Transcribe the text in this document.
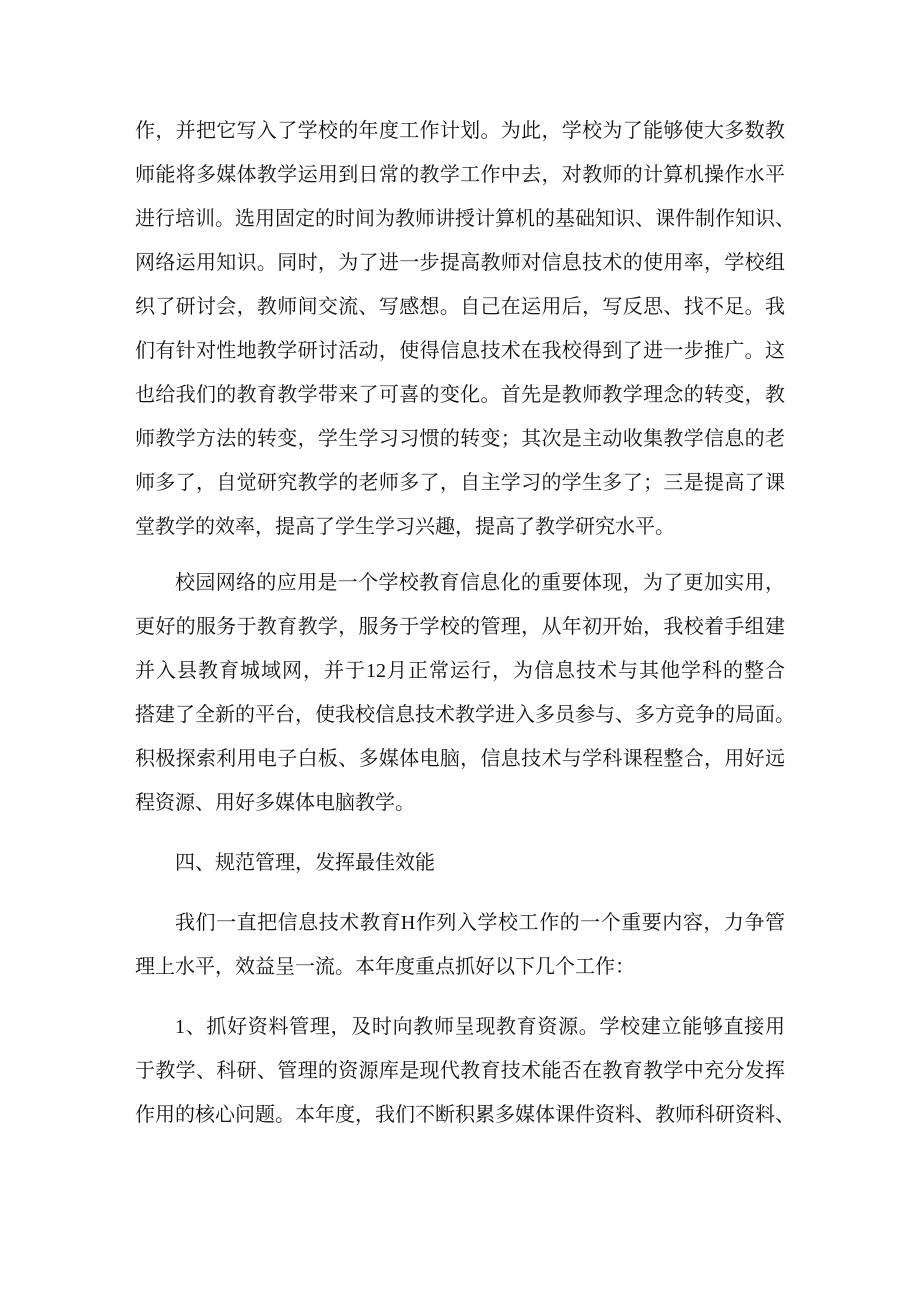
作，并把它写入了学校的年度工作计划。为此，学校为了能够使大多数教
师能将多媒体教学运用到日常的教学工作中去，对教师的计算机操作水平
进行培训。选用固定的时间为教师讲授计算机的基础知识、课件制作知识、
网络运用知识。同时，为了进一步提高教师对信息技术的使用率，学校组
织了研讨会，教师间交流、写感想。自己在运用后，写反思、找不足。我
们有针对性地教学研讨活动，使得信息技术在我校得到了进一步推广。这
也给我们的教育教学带来了可喜的变化。首先是教师教学理念的转变，教
师教学方法的转变，学生学习习惯的转变；其次是主动收集教学信息的老
师多了，自觉研究教学的老师多了，自主学习的学生多了；三是提高了课
堂教学的效率，提高了学生学习兴趣，提高了教学研究水平。
校园网络的应用是一个学校教育信息化的重要体现，为了更加实用，
更好的服务于教育教学，服务于学校的管理，从年初开始，我校着手组建
并入县教育城域网，并于12月正常运行，为信息技术与其他学科的整合
搭建了全新的平台，使我校信息技术教学进入多员参与、多方竞争的局面。
积极探索利用电子白板、多媒体电脑，信息技术与学科课程整合，用好远
程资源、用好多媒体电脑教学。
四、规范管理，发挥最佳效能
我们一直把信息技术教育H作列入学校工作的一个重要内容，力争管
理上水平，效益呈一流。本年度重点抓好以下几个工作：
1、抓好资料管理，及时向教师呈现教育资源。学校建立能够直接用
于教学、科研、管理的资源库是现代教育技术能否在教育教学中充分发挥
作用的核心问题。本年度，我们不断积累多媒体课件资料、教师科研资料、
